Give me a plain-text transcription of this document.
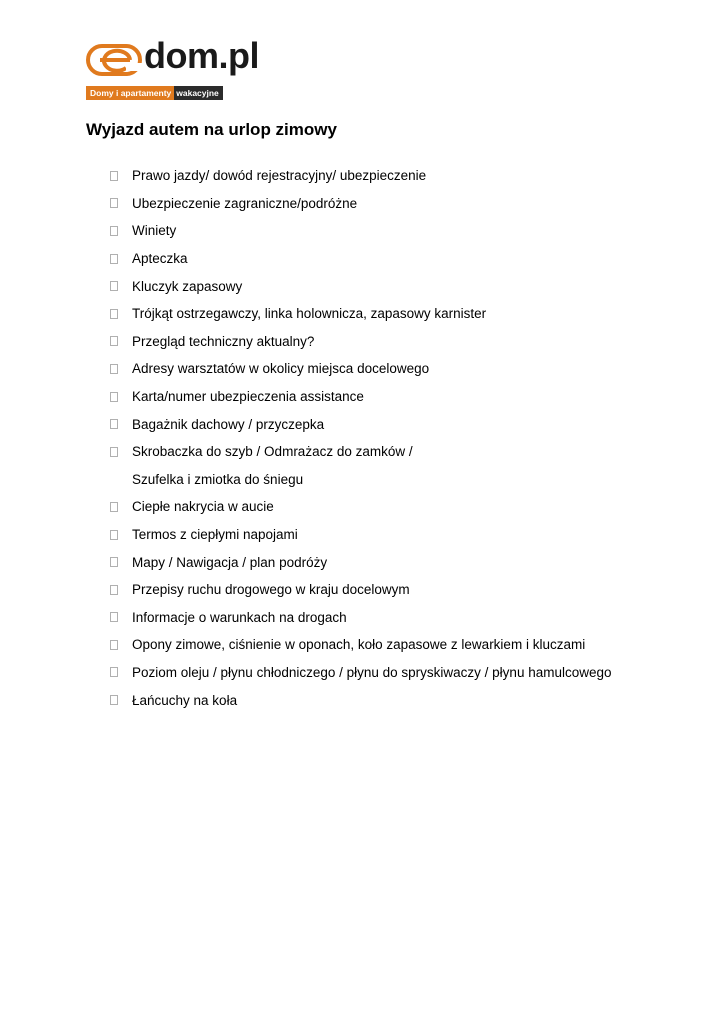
dom.pl
Domy i apartamenty wakacyjne
Wyjazd autem na urlop zimowy
Prawo jazdy/ dowód rejestracyjny/ ubezpieczenie
Ubezpieczenie zagraniczne/podróżne
Winiety
Apteczka
Kluczyk zapasowy
Trójkąt ostrzegawczy, linka holownicza, zapasowy karnister
Przegląd techniczny aktualny?
Adresy warsztatów w okolicy miejsca docelowego
Karta/numer ubezpieczenia assistance
Bagażnik dachowy / przyczepka
Skrobaczka do szyb / Odmrażacz do zamków /
Szufelka i zmiotka do śniegu
Ciepłe nakrycia w aucie
Termos z ciepłymi napojami
Mapy / Nawigacja / plan podróży
Przepisy ruchu drogowego w kraju docelowym
Informacje o warunkach na drogach
Opony zimowe, ciśnienie w oponach, koło zapasowe z lewarkiem i kluczami
Poziom oleju / płynu chłodniczego / płynu do spryskiwaczy / płynu hamulcowego
Łańcuchy na koła
